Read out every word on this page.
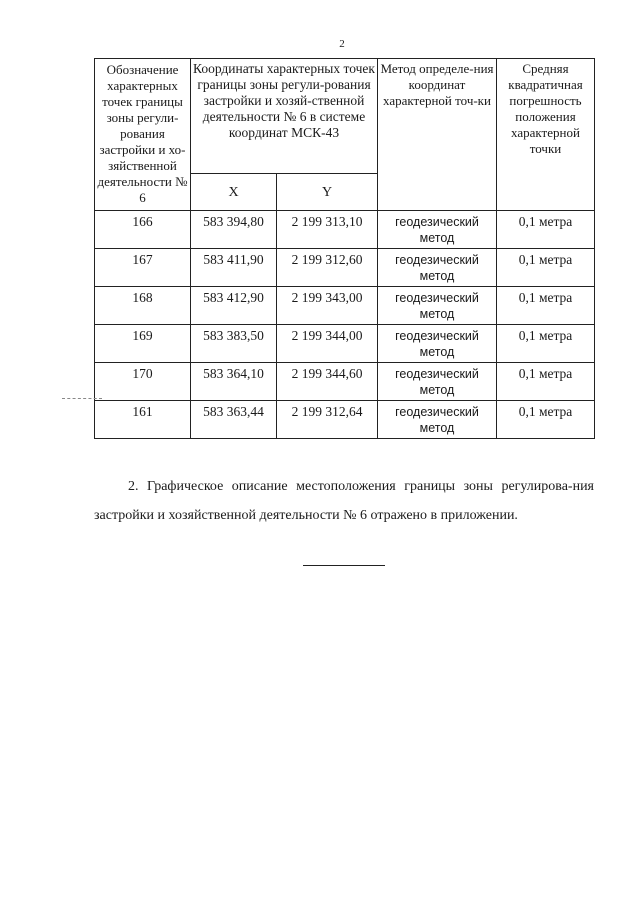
2
Обозначение характерных точек границы зоны регули-рования застройки и хо-зяйственной деятельности № 6	Координаты характерных точек границы зоны регули-рования застройки и хозяй-ственной деятельности № 6 в системе координат МСК-43		Метод определе-ния координат характерной точ-ки	Средняя квадратичная погрешность положения характерной точки
	X	Y		
166	583 394,80	2 199 313,10	геодезический метод	0,1 метра
167	583 411,90	2 199 312,60	геодезический метод	0,1 метра
168	583 412,90	2 199 343,00	геодезический метод	0,1 метра
169	583 383,50	2 199 344,00	геодезический метод	0,1 метра
170	583 364,10	2 199 344,60	геодезический метод	0,1 метра
161	583 363,44	2 199 312,64	геодезический метод	0,1 метра

2. Графическое описание местоположения границы зоны регулирова-ния застройки и хозяйственной деятельности № 6 отражено в приложении.
